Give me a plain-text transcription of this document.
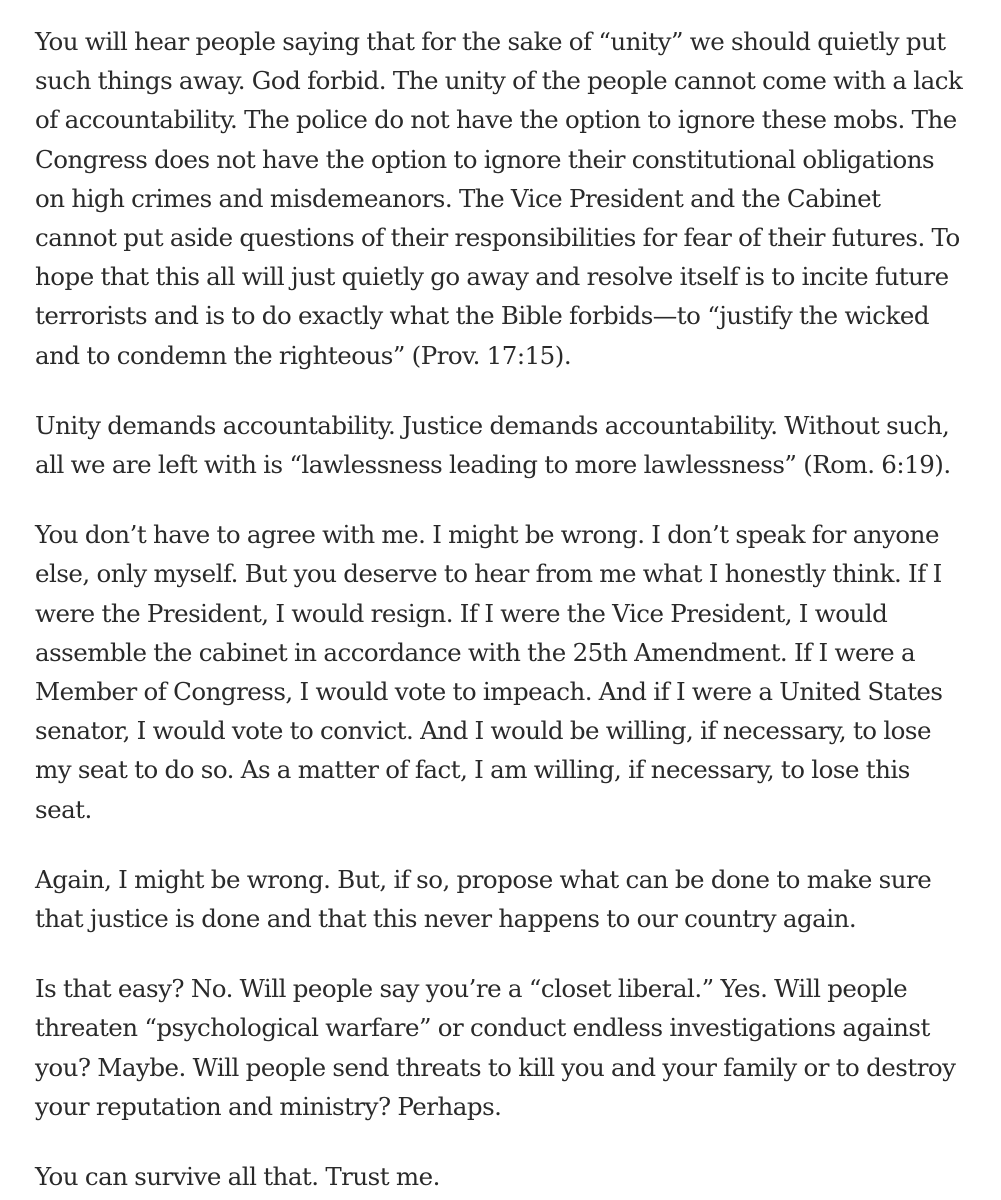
You will hear people saying that for the sake of “unity” we should quietly put such things away. God forbid. The unity of the people cannot come with a lack of accountability. The police do not have the option to ignore these mobs. The Congress does not have the option to ignore their constitutional obligations on high crimes and misdemeanors. The Vice President and the Cabinet cannot put aside questions of their responsibilities for fear of their futures. To hope that this all will just quietly go away and resolve itself is to incite future terrorists and is to do exactly what the Bible forbids—to “justify the wicked and to condemn the righteous” (Prov. 17:15).

Unity demands accountability. Justice demands accountability. Without such, all we are left with is “lawlessness leading to more lawlessness” (Rom. 6:19).

You don’t have to agree with me. I might be wrong. I don’t speak for anyone else, only myself. But you deserve to hear from me what I honestly think. If I were the President, I would resign. If I were the Vice President, I would assemble the cabinet in accordance with the 25th Amendment. If I were a Member of Congress, I would vote to impeach. And if I were a United States senator, I would vote to convict. And I would be willing, if necessary, to lose my seat to do so. As a matter of fact, I am willing, if necessary, to lose this seat.

Again, I might be wrong. But, if so, propose what can be done to make sure that justice is done and that this never happens to our country again.

Is that easy? No. Will people say you’re a “closet liberal.” Yes. Will people threaten “psychological warfare” or conduct endless investigations against you? Maybe. Will people send threats to kill you and your family or to destroy your reputation and ministry? Perhaps.

You can survive all that. Trust me.
